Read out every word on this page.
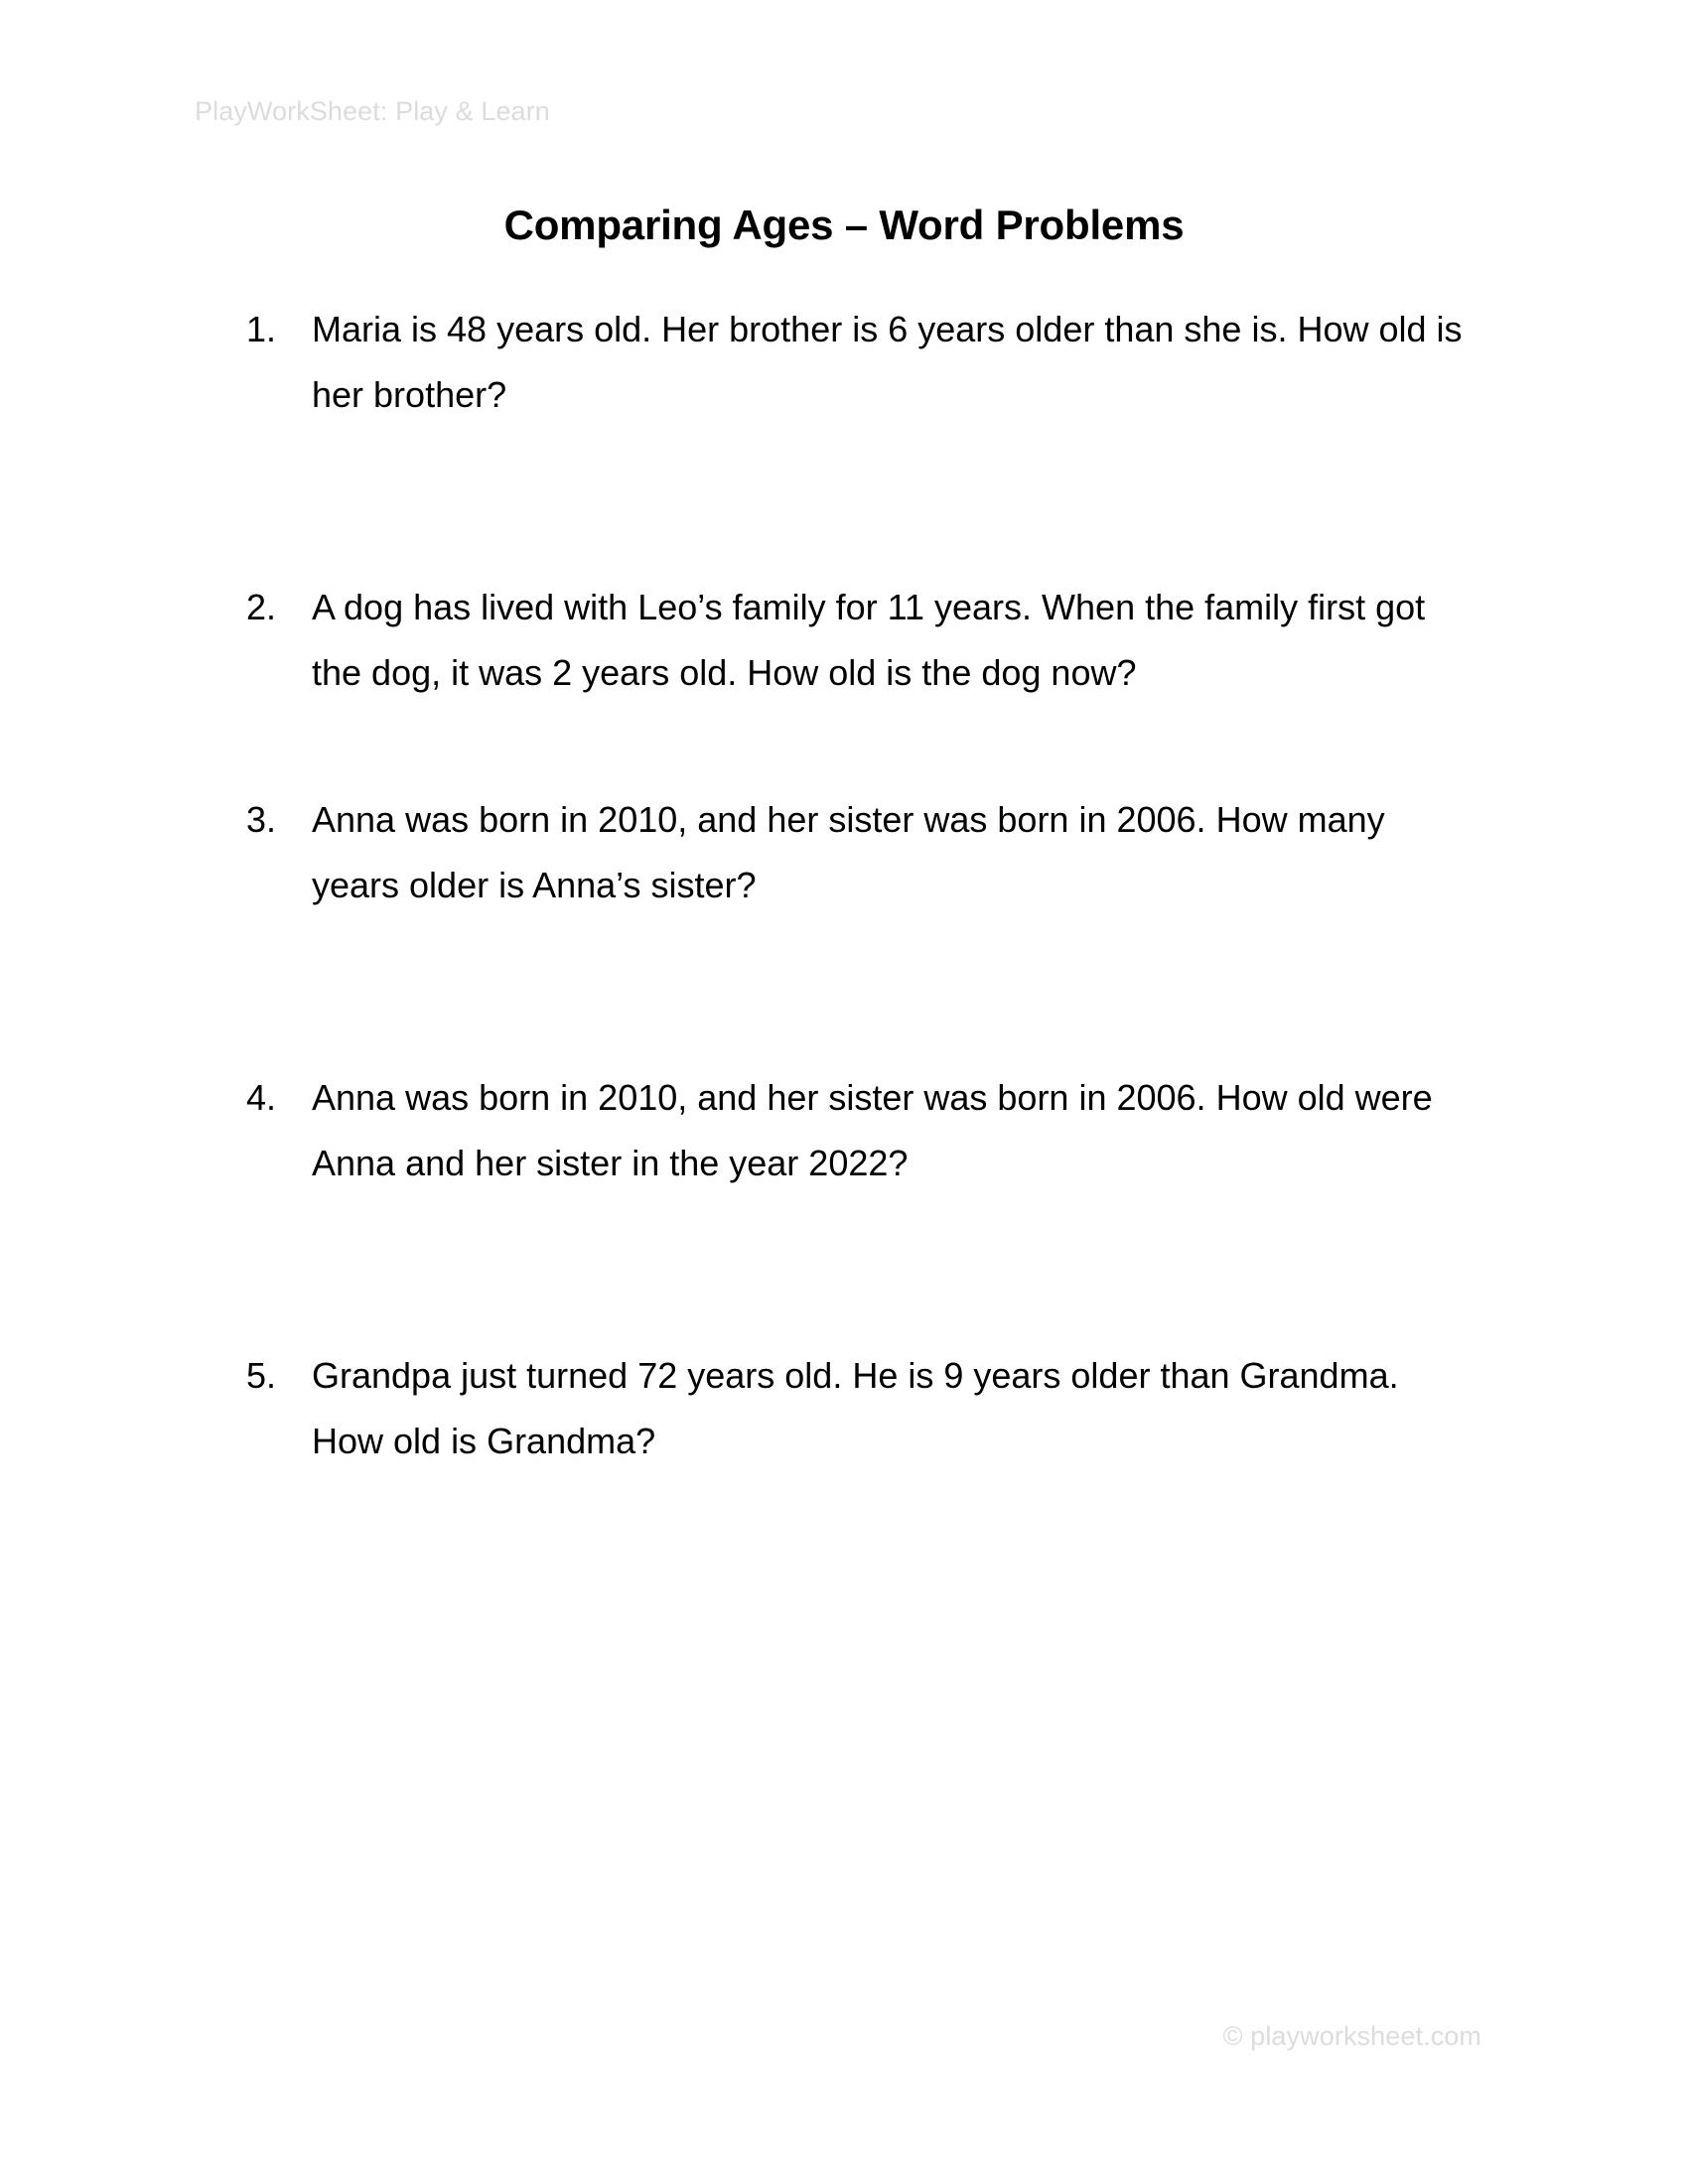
PlayWorkSheet: Play & Learn
Comparing Ages – Word Problems
1. Maria is 48 years old. Her brother is 6 years older than she is. How old is her brother?
2. A dog has lived with Leo’s family for 11 years. When the family first got the dog, it was 2 years old. How old is the dog now?
3. Anna was born in 2010, and her sister was born in 2006. How many years older is Anna’s sister?
4. Anna was born in 2010, and her sister was born in 2006. How old were Anna and her sister in the year 2022?
5. Grandpa just turned 72 years old. He is 9 years older than Grandma. How old is Grandma?
© playworksheet.com
